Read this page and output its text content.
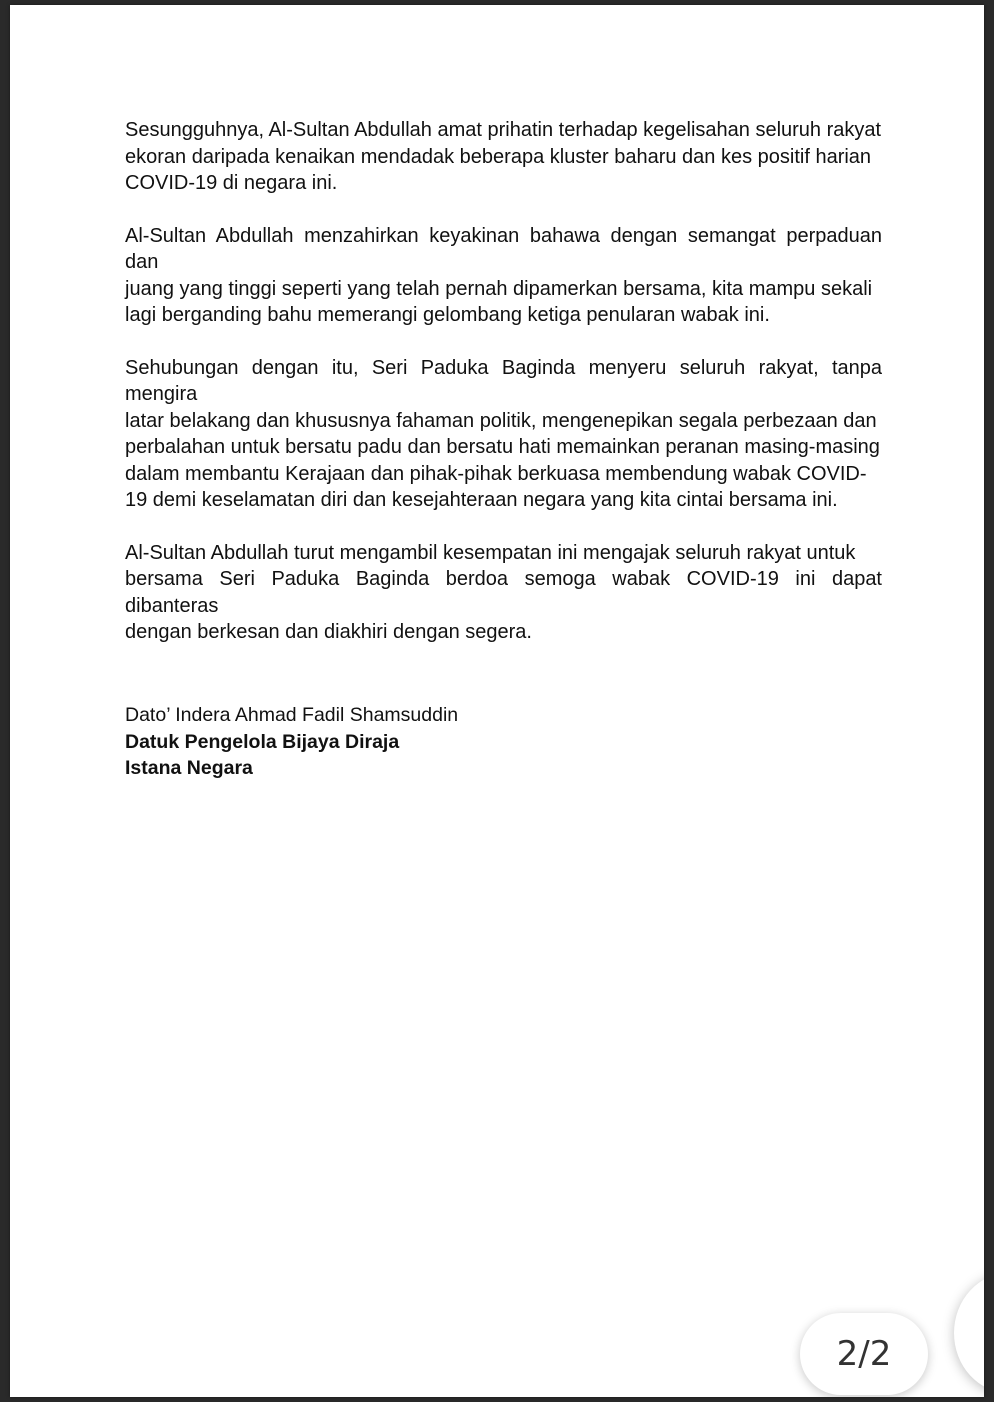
Sesungguhnya, Al-Sultan Abdullah amat prihatin terhadap kegelisahan seluruh rakyat
ekoran daripada kenaikan mendadak beberapa kluster baharu dan kes positif harian
COVID-19 di negara ini.

Al-Sultan Abdullah menzahirkan keyakinan bahawa dengan semangat perpaduan dan
juang yang tinggi seperti yang telah pernah dipamerkan bersama, kita mampu sekali
lagi berganding bahu memerangi gelombang ketiga penularan wabak ini.

Sehubungan dengan itu, Seri Paduka Baginda menyeru seluruh rakyat, tanpa mengira
latar belakang dan khususnya fahaman politik, mengenepikan segala perbezaan dan
perbalahan untuk bersatu padu dan bersatu hati memainkan peranan masing-masing
dalam membantu Kerajaan dan pihak-pihak berkuasa membendung wabak COVID-
19 demi keselamatan diri dan kesejahteraan negara yang kita cintai bersama ini.

Al-Sultan Abdullah turut mengambil kesempatan ini mengajak seluruh rakyat untuk
bersama Seri Paduka Baginda berdoa semoga wabak COVID-19 ini dapat dibanteras
dengan berkesan dan diakhiri dengan segera.

Dato’ Indera Ahmad Fadil Shamsuddin
Datuk Pengelola Bijaya Diraja
Istana Negara
2/2
